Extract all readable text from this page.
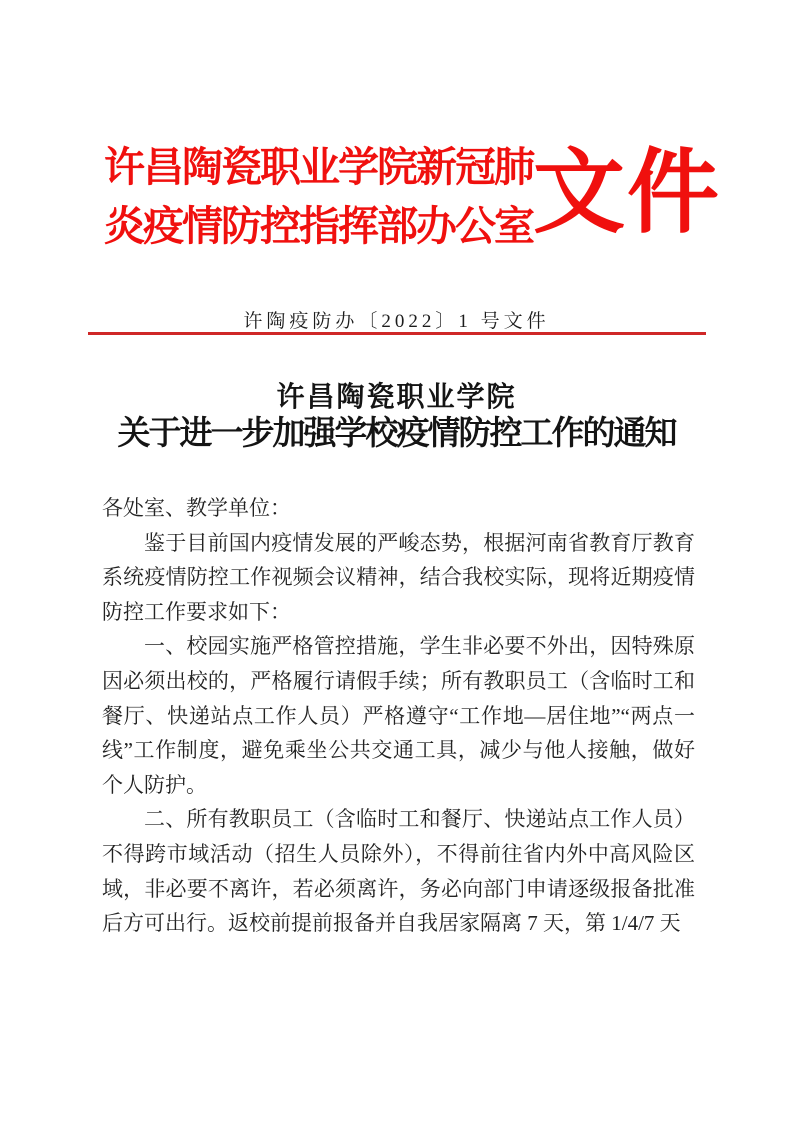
许昌陶瓷职业学院新冠肺
炎疫情防控指挥部办公室 文件
许陶疫防办〔2022〕1 号文件
许昌陶瓷职业学院
关于进一步加强学校疫情防控工作的通知

各处室、教学单位：

鉴于目前国内疫情发展的严峻态势，根据河南省教育厅教育系统疫情防控工作视频会议精神，结合我校实际，现将近期疫情防控工作要求如下：

一、校园实施严格管控措施，学生非必要不外出，因特殊原因必须出校的，严格履行请假手续；所有教职员工（含临时工和餐厅、快递站点工作人员）严格遵守“工作地—居住地”“两点一线”工作制度，避免乘坐公共交通工具，减少与他人接触，做好个人防护。

二、所有教职员工（含临时工和餐厅、快递站点工作人员）不得跨市域活动（招生人员除外），不得前往省内外中高风险区域，非必要不离许，若必须离许，务必向部门申请逐级报备批准后方可出行。返校前提前报备并自我居家隔离 7 天，第 1/4/7 天
